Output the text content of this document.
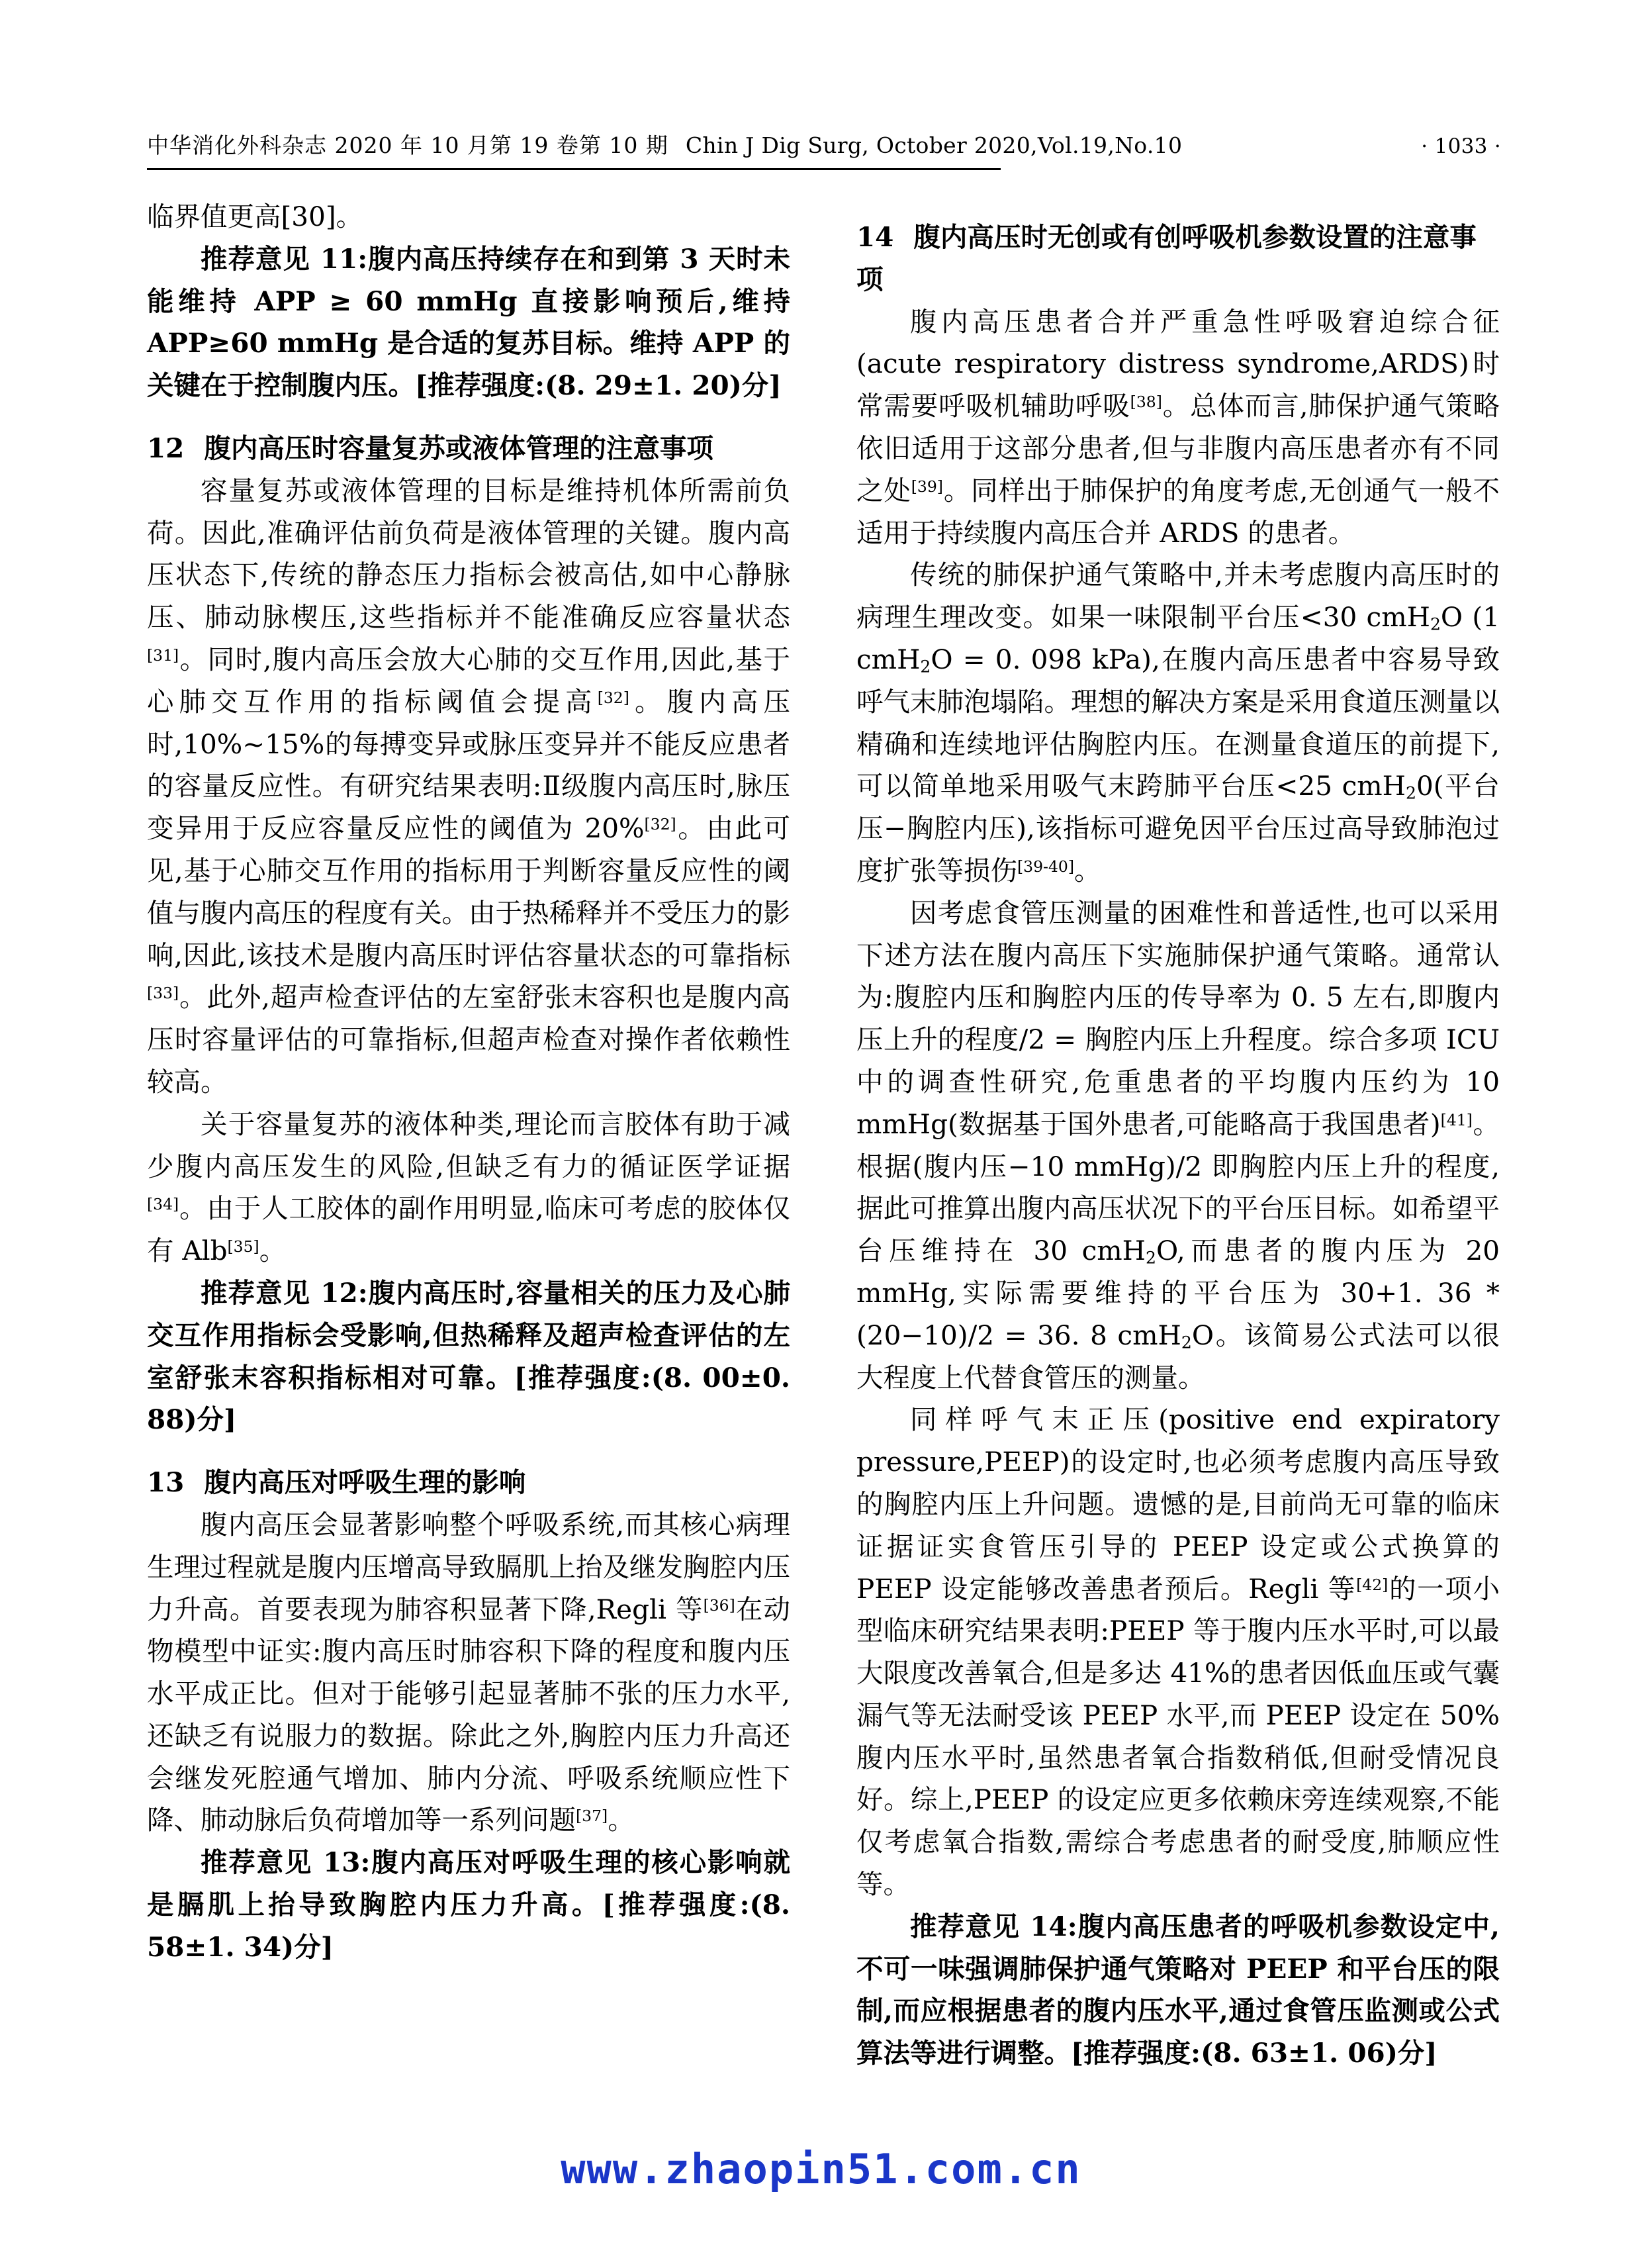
中华消化外科杂志 2020 年 10 月第 19 卷第 10 期 Chin J Dig Surg, October 2020,Vol.19,No.10	· 1033 ·

临界值更高[30]。

推荐意见 11:腹内高压持续存在和到第 3 天时未能维持 APP ≥ 60 mmHg 直接影响预后,维持 APP≥60 mmHg 是合适的复苏目标。维持 APP 的关键在于控制腹内压。[推荐强度:(8. 29±1. 20)分]

12 腹内高压时容量复苏或液体管理的注意事项

容量复苏或液体管理的目标是维持机体所需前负荷。因此,准确评估前负荷是液体管理的关键。腹内高压状态下,传统的静态压力指标会被高估,如中心静脉压、肺动脉楔压,这些指标并不能准确反应容量状态[31]。同时,腹内高压会放大心肺的交互作用,因此,基于心肺交互作用的指标阈值会提高[32]。腹内高压时,10%~15%的每搏变异或脉压变异并不能反应患者的容量反应性。有研究结果表明:Ⅱ级腹内高压时,脉压变异用于反应容量反应性的阈值为 20%[32]。由此可见,基于心肺交互作用的指标用于判断容量反应性的阈值与腹内高压的程度有关。由于热稀释并不受压力的影响,因此,该技术是腹内高压时评估容量状态的可靠指标[33]。此外,超声检查评估的左室舒张末容积也是腹内高压时容量评估的可靠指标,但超声检查对操作者依赖性较高。

关于容量复苏的液体种类,理论而言胶体有助于减少腹内高压发生的风险,但缺乏有力的循证医学证据[34]。由于人工胶体的副作用明显,临床可考虑的胶体仅有 Alb[35]。

推荐意见 12:腹内高压时,容量相关的压力及心肺交互作用指标会受影响,但热稀释及超声检查评估的左室舒张末容积指标相对可靠。[推荐强度:(8. 00±0. 88)分]

13 腹内高压对呼吸生理的影响

腹内高压会显著影响整个呼吸系统,而其核心病理生理过程就是腹内压增高导致膈肌上抬及继发胸腔内压力升高。首要表现为肺容积显著下降,Regli 等[36]在动物模型中证实:腹内高压时肺容积下降的程度和腹内压水平成正比。但对于能够引起显著肺不张的压力水平,还缺乏有说服力的数据。除此之外,胸腔内压力升高还会继发死腔通气增加、肺内分流、呼吸系统顺应性下降、肺动脉后负荷增加等一系列问题[37]。

推荐意见 13:腹内高压对呼吸生理的核心影响就是膈肌上抬导致胸腔内压力升高。[推荐强度:(8. 58±1. 34)分]

14 腹内高压时无创或有创呼吸机参数设置的注意事项

腹内高压患者合并严重急性呼吸窘迫综合征(acute respiratory distress syndrome,ARDS)时常需要呼吸机辅助呼吸[38]。总体而言,肺保护通气策略依旧适用于这部分患者,但与非腹内高压患者亦有不同之处[39]。同样出于肺保护的角度考虑,无创通气一般不适用于持续腹内高压合并 ARDS 的患者。

传统的肺保护通气策略中,并未考虑腹内高压时的病理生理改变。如果一味限制平台压<30 cmH$_2$O (1 cmH$_2$O = 0. 098 kPa),在腹内高压患者中容易导致呼气末肺泡塌陷。理想的解决方案是采用食道压测量以精确和连续地评估胸腔内压。在测量食道压的前提下,可以简单地采用吸气末跨肺平台压<25 cmH$_2$0(平台压−胸腔内压),该指标可避免因平台压过高导致肺泡过度扩张等损伤[39-40]。

因考虑食管压测量的困难性和普适性,也可以采用下述方法在腹内高压下实施肺保护通气策略。通常认为:腹腔内压和胸腔内压的传导率为 0. 5 左右,即腹内压上升的程度/2 = 胸腔内压上升程度。综合多项 ICU 中的调查性研究,危重患者的平均腹内压约为 10 mmHg(数据基于国外患者,可能略高于我国患者)[41]。根据(腹内压−10 mmHg)/2 即胸腔内压上升的程度,据此可推算出腹内高压状况下的平台压目标。如希望平台压维持在 30 cmH$_2$O,而患者的腹内压为 20 mmHg,实际需要维持的平台压为 30+1. 36 * (20−10)/2 = 36. 8 cmH$_2$O。该简易公式法可以很大程度上代替食管压的测量。

同样呼气末正压(positive end expiratory pressure,PEEP)的设定时,也必须考虑腹内高压导致的胸腔内压上升问题。遗憾的是,目前尚无可靠的临床证据证实食管压引导的 PEEP 设定或公式换算的 PEEP 设定能够改善患者预后。Regli 等[42]的一项小型临床研究结果表明:PEEP 等于腹内压水平时,可以最大限度改善氧合,但是多达 41%的患者因低血压或气囊漏气等无法耐受该 PEEP 水平,而 PEEP 设定在 50% 腹内压水平时,虽然患者氧合指数稍低,但耐受情况良好。综上,PEEP 的设定应更多依赖床旁连续观察,不能仅考虑氧合指数,需综合考虑患者的耐受度,肺顺应性等。

推荐意见 14:腹内高压患者的呼吸机参数设定中,不可一味强调肺保护通气策略对 PEEP 和平台压的限制,而应根据患者的腹内压水平,通过食管压监测或公式算法等进行调整。[推荐强度:(8. 63±1. 06)分]

www.zhaopin51.com.cn
